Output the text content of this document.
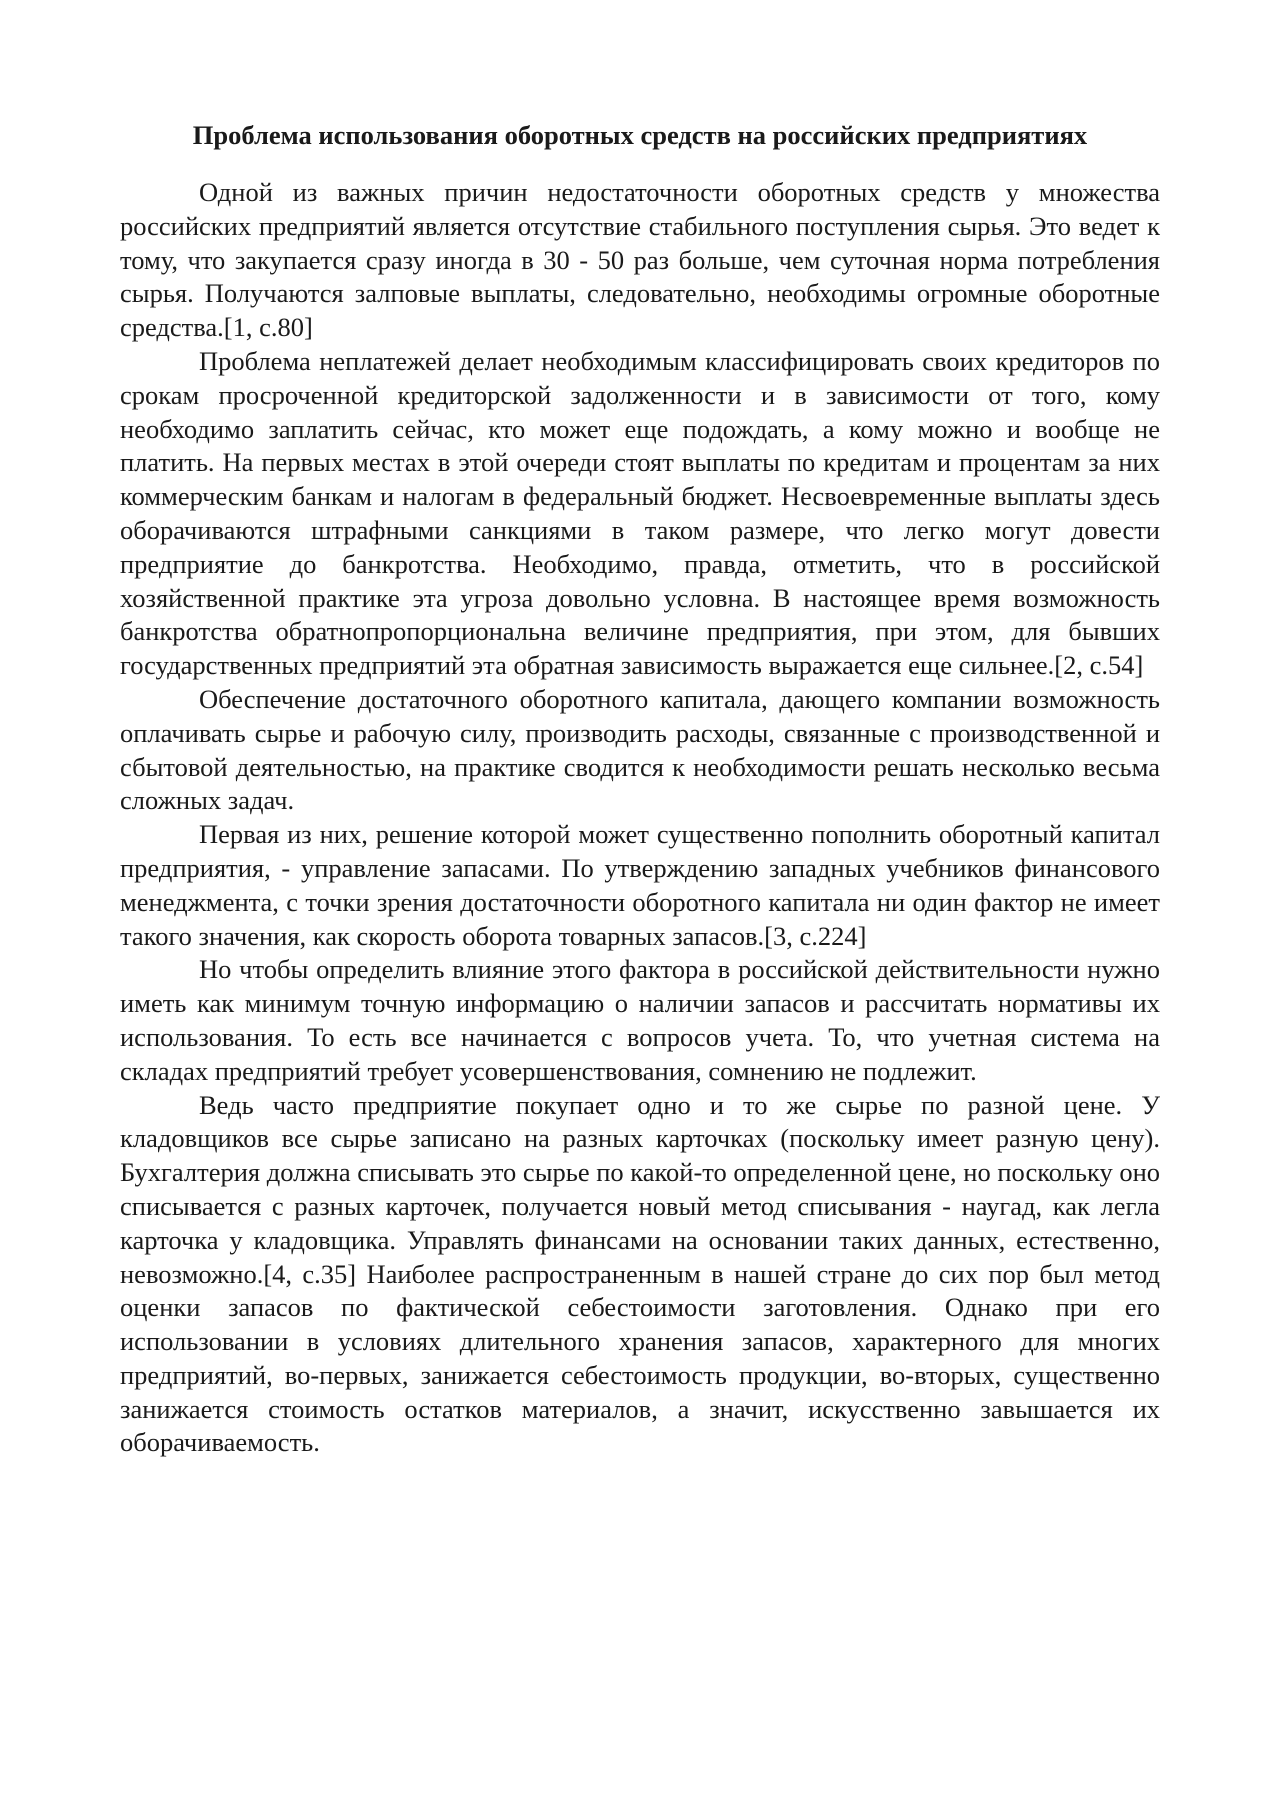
Проблема использования оборотных средств на российских предприятиях

Одной из важных причин недостаточности оборотных средств у множества российских предприятий является отсутствие стабильного поступления сырья. Это ведет к тому, что закупается сразу иногда в 30 - 50 раз больше, чем суточная норма потребления сырья. Получаются залповые выплаты, следовательно, необходимы огромные оборотные средства.[1, с.80]

Проблема неплатежей делает необходимым классифицировать своих кредиторов по срокам просроченной кредиторской задолженности и в зависимости от того, кому необходимо заплатить сейчас, кто может еще подождать, а кому можно и вообще не платить. На первых местах в этой очереди стоят выплаты по кредитам и процентам за них коммерческим банкам и налогам в федеральный бюджет. Несвоевременные выплаты здесь оборачиваются штрафными санкциями в таком размере, что легко могут довести предприятие до банкротства. Необходимо, правда, отметить, что в российской хозяйственной практике эта угроза довольно условна. В настоящее время возможность банкротства обратнопропорциональна величине предприятия, при этом, для бывших государственных предприятий эта обратная зависимость выражается еще сильнее.[2, с.54]

Обеспечение достаточного оборотного капитала, дающего компании возможность оплачивать сырье и рабочую силу, производить расходы, связанные с производственной и сбытовой деятельностью, на практике сводится к необходимости решать несколько весьма сложных задач.

Первая из них, решение которой может существенно пополнить оборотный капитал предприятия, - управление запасами. По утверждению западных учебников финансового менеджмента, с точки зрения достаточности оборотного капитала ни один фактор не имеет такого значения, как скорость оборота товарных запасов.[3, с.224]

Но чтобы определить влияние этого фактора в российской действительности нужно иметь как минимум точную информацию о наличии запасов и рассчитать нормативы их использования. То есть все начинается с вопросов учета. То, что учетная система на складах предприятий требует усовершенствования, сомнению не подлежит.

Ведь часто предприятие покупает одно и то же сырье по разной цене. У кладовщиков все сырье записано на разных карточках (поскольку имеет разную цену). Бухгалтерия должна списывать это сырье по какой-то определенной цене, но поскольку оно списывается с разных карточек, получается новый метод списывания - наугад, как легла карточка у кладовщика. Управлять финансами на основании таких данных, естественно, невозможно.[4, с.35] Наиболее распространенным в нашей стране до сих пор был метод оценки запасов по фактической себестоимости заготовления. Однако при его использовании в условиях длительного хранения запасов, характерного для многих предприятий, во-первых, занижается себестоимость продукции, во-вторых, существенно занижается стоимость остатков материалов, а значит, искусственно завышается их оборачиваемость.
